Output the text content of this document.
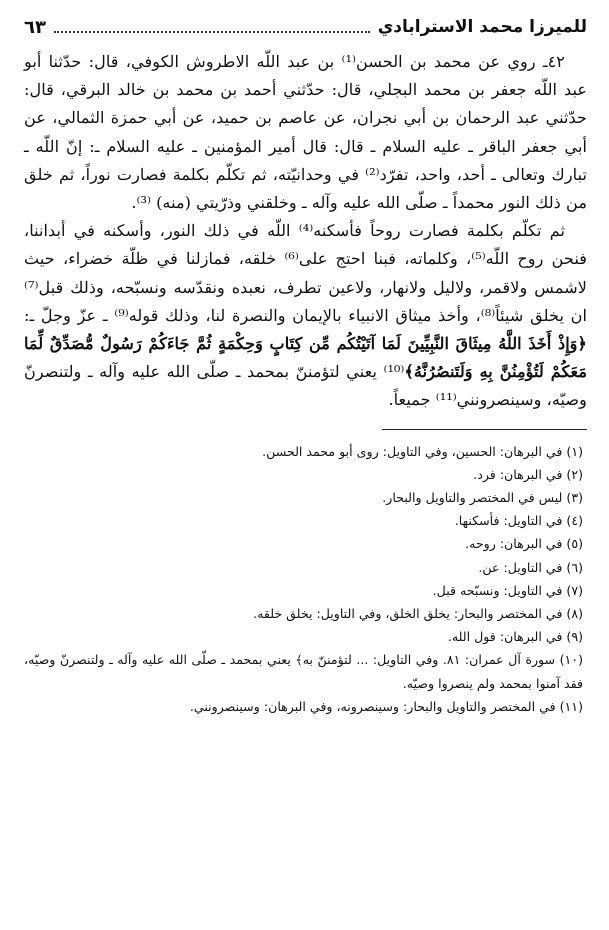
للميرزا محمد الاسترابادي
٦٣

٤٢ـ روي عن محمد بن الحسن⁽¹⁾ بن عبد اللّه الاطروش الكوفي، قال: حدّثنا أبو عبد اللّه جعفر بن محمد البجلي، قال: حدّثني أحمد بن محمد بن خالد البرقي، قال: حدّثني عبد الرحمان بن أبي نجران، عن عاصم بن حميد، عن أبي حمزة الثمالي، عن أبي جعفر الباقر ـ عليه السلام ـ قال: قال أمير المؤمنين ـ عليه السلام ـ: إنّ اللّه ـ تبارك وتعالى ـ أحد، واحد، تفرّد⁽²⁾ في وحدانيّته، ثم تكلّم بكلمة فصارت نوراً، ثم خلق من ذلك النور محمداً ـ صلّى الله عليه وآله ـ وخلقني وذرّيتي (منه) ⁽³⁾.

ثم تكلّم بكلمة فصارت روحاً فأسكنه⁽⁴⁾ اللّه في ذلك النور، وأسكنه في أبداننا، فنحن روح اللّه⁽⁵⁾، وكلماته، فبنا احتج على⁽⁶⁾ خلقه، فمازلنا في ظلّة خضراء، حيث لاشمس ولاقمر، ولاليل ولانهار، ولاعين تطرف، نعبده ونقدّسه ونسبّحه، وذلك قبل⁽⁷⁾ ان يخلق شيئاً⁽⁸⁾، وأخذ ميثاق الانبياء بالإيمان والنصرة لنا، وذلك قوله⁽⁹⁾ ـ عزّ وجلّ ـ: ﴿وَإِذْ أَخَذَ اللَّهُ مِيثَاقَ النَّبِيِّينَ لَمَا آتَيْتُكُم مِّن كِتَابٍ وَحِكْمَةٍ ثُمَّ جَاءَكُمْ رَسُولٌ مُّصَدِّقٌ لِّمَا مَعَكُمْ لَتُؤْمِنُنَّ بِهِ وَلَتَنصُرُنَّهُ﴾⁽¹⁰⁾ يعني لتؤمننّ بمحمد ـ صلّى الله عليه وآله ـ ولتنصرنّ وصيّه، وسينصرونني⁽¹¹⁾ جميعاً.

(١) في البرهان: الحسين، وفي التاويل: روى أبو محمد الحسن.

(٢) في البرهان: فرد.

(٣) ليس في المختصر والتاويل والبحار.

(٤) في التاويل: فأسكنها.

(٥) في البرهان: روحه.

(٦) في التاويل: عن.

(٧) في التاويل: ونسبّحه قبل.

(٨) في المختصر والبحار: يخلق الخلق، وفي التاويل: يخلق خلقه.

(٩) في البرهان: قول الله.

(١٠) سورة آل عمران: ٨١. وفي التاويل: ... لتؤمننّ به﴾ يعني بمحمد ـ صلّى الله عليه وآله ـ ولتنصرنّ وصيّه، فقد آمنوا بمحمد ولم ينصروا وصيّه.

(١١) في المختصر والتاويل والبحار: وسينصرونه، وفي البرهان: وسينصرونني.
